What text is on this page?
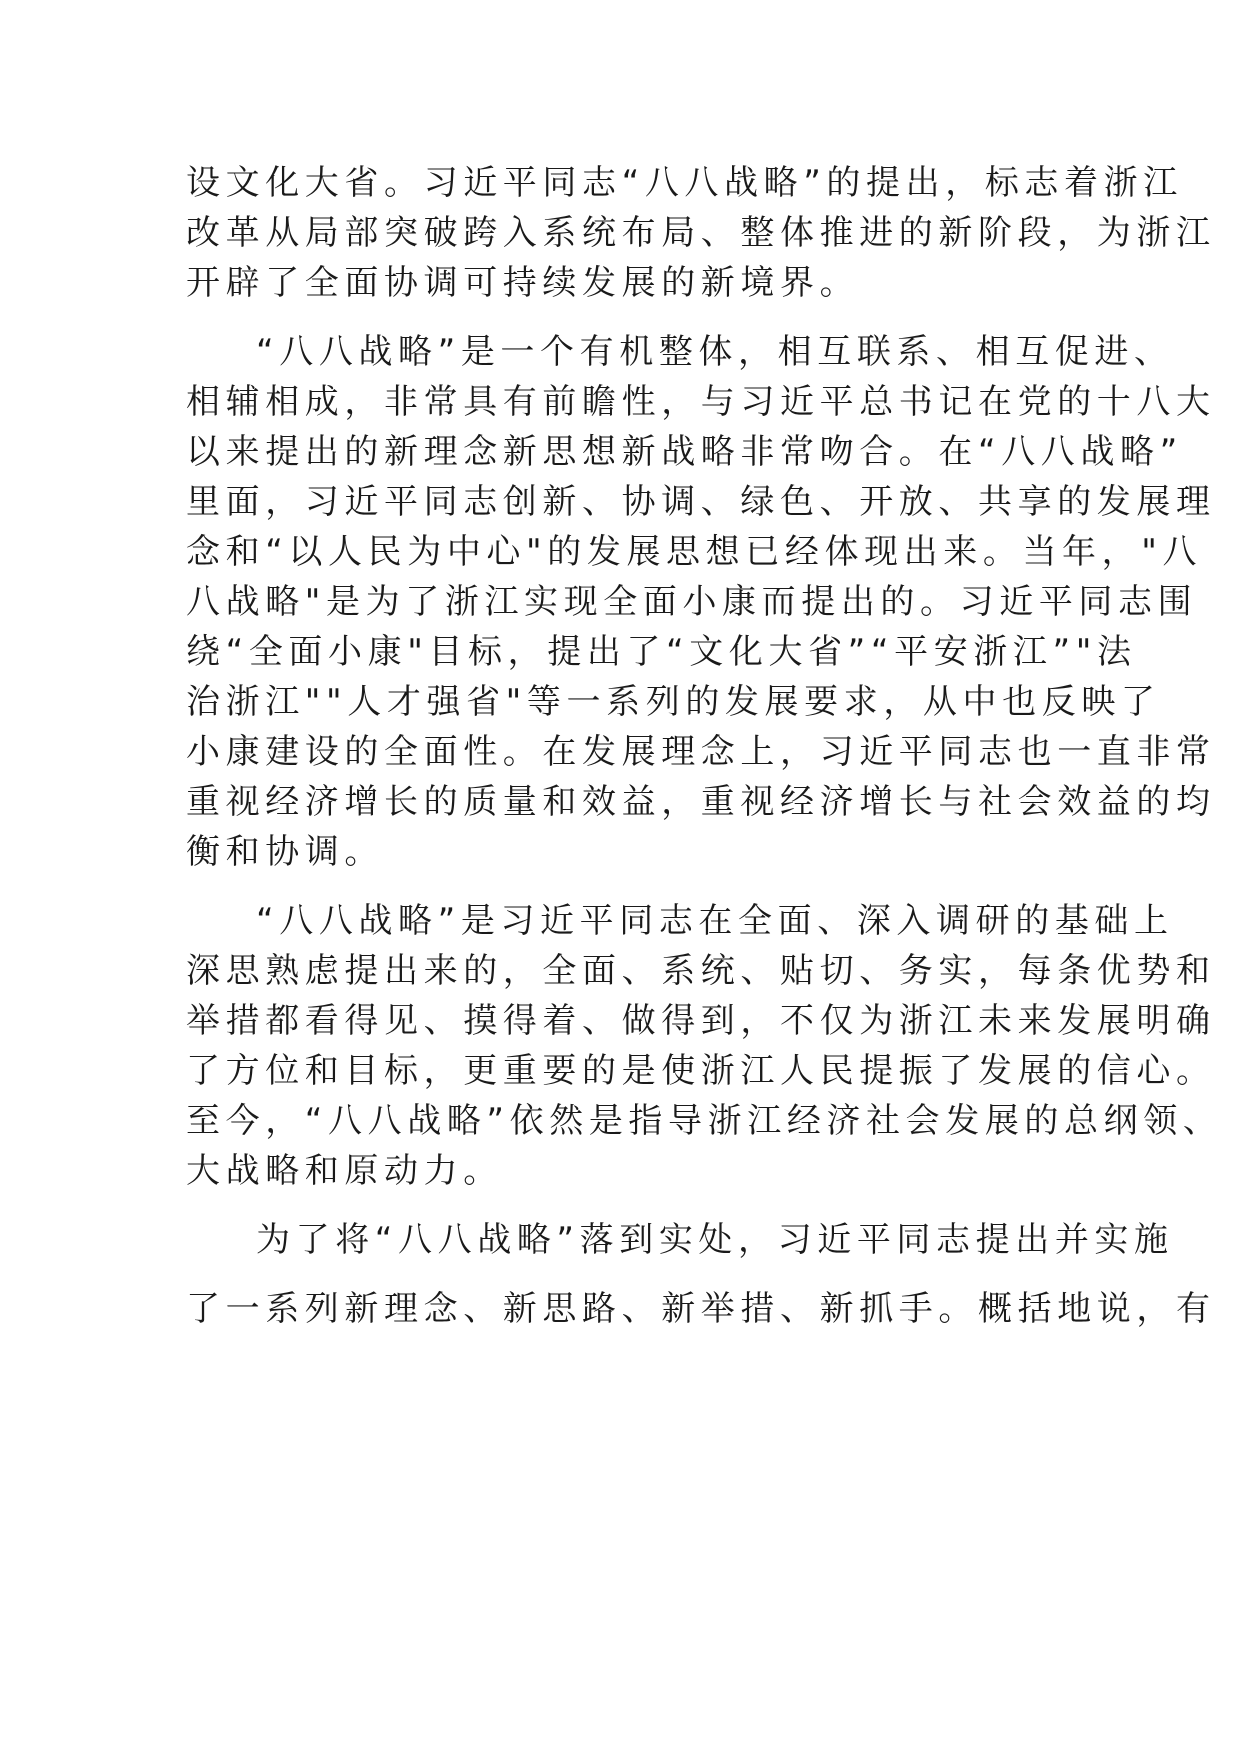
设文化大省。习近平同志“八八战略”的提出，标志着浙江
改革从局部突破跨入系统布局、整体推进的新阶段，为浙江
开辟了全面协调可持续发展的新境界。
“八八战略”是一个有机整体，相互联系、相互促进、
相辅相成，非常具有前瞻性，与习近平总书记在党的十八大
以来提出的新理念新思想新战略非常吻合。在“八八战略”
里面，习近平同志创新、协调、绿色、开放、共享的发展理
念和“以人民为中心"的发展思想已经体现出来。当年，"八
八战略"是为了浙江实现全面小康而提出的。习近平同志围
绕“全面小康"目标，提出了“文化大省”“平安浙江”"法
治浙江""人才强省"等一系列的发展要求，从中也反映了
小康建设的全面性。在发展理念上，习近平同志也一直非常
重视经济增长的质量和效益，重视经济增长与社会效益的均
衡和协调。
“八八战略”是习近平同志在全面、深入调研的基础上
深思熟虑提出来的，全面、系统、贴切、务实，每条优势和
举措都看得见、摸得着、做得到，不仅为浙江未来发展明确
了方位和目标，更重要的是使浙江人民提振了发展的信心。
至今，“八八战略”依然是指导浙江经济社会发展的总纲领、
大战略和原动力。
为了将“八八战略”落到实处，习近平同志提出并实施
了一系列新理念、新思路、新举措、新抓手。概括地说，有
